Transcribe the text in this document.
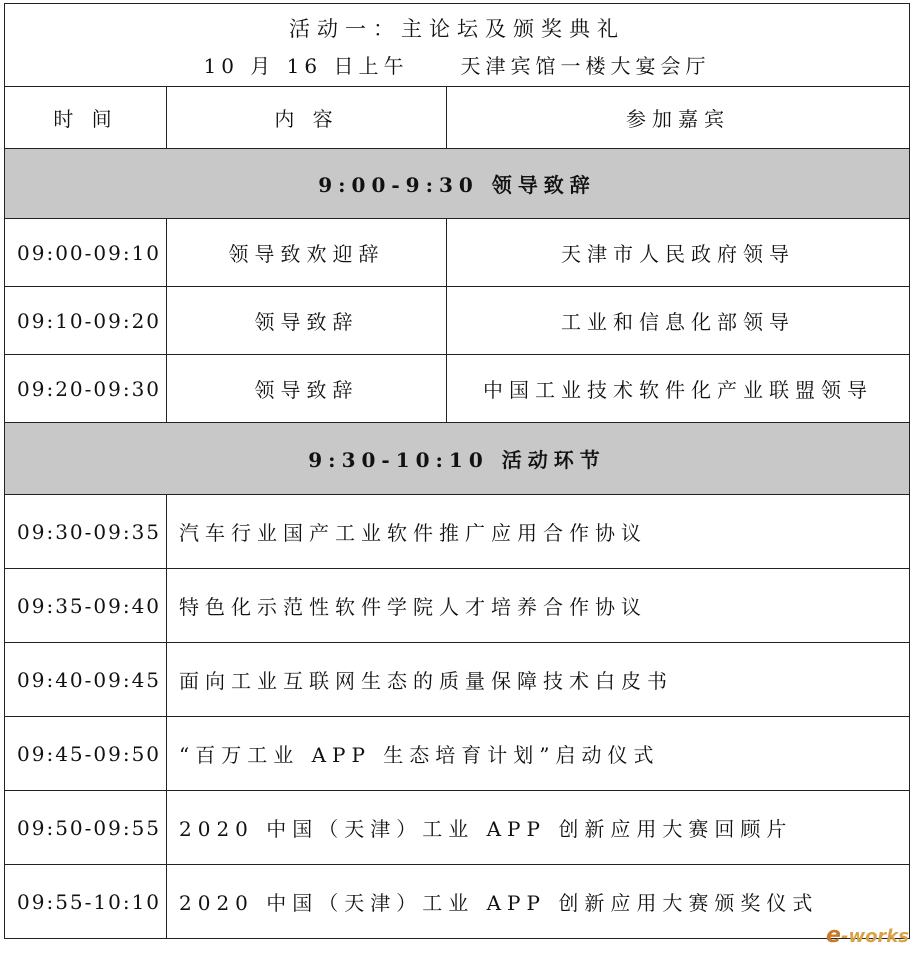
活动一：主论坛及颁奖典礼
10 月 16 日上午 天津宾馆一楼大宴会厅		

时 间	内 容	参加嘉宾
9:00-9:30 领导致辞		
09:00-09:10	领导致欢迎辞	天津市人民政府领导
09:10-09:20	领导致辞	工业和信息化部领导
09:20-09:30	领导致辞	中国工业技术软件化产业联盟领导
9:30-10:10 活动环节		
09:30-09:35	汽车行业国产工业软件推广应用合作协议	
09:35-09:40	特色化示范性软件学院人才培养合作协议	
09:40-09:45	面向工业互联网生态的质量保障技术白皮书	
09:45-09:50	“百万工业 APP 生态培育计划”启动仪式	
09:50-09:55	2020 中国（天津）工业 APP 创新应用大赛回顾片	
09:55-10:10	2020 中国（天津）工业 APP 创新应用大赛颁奖仪式	
e-works
